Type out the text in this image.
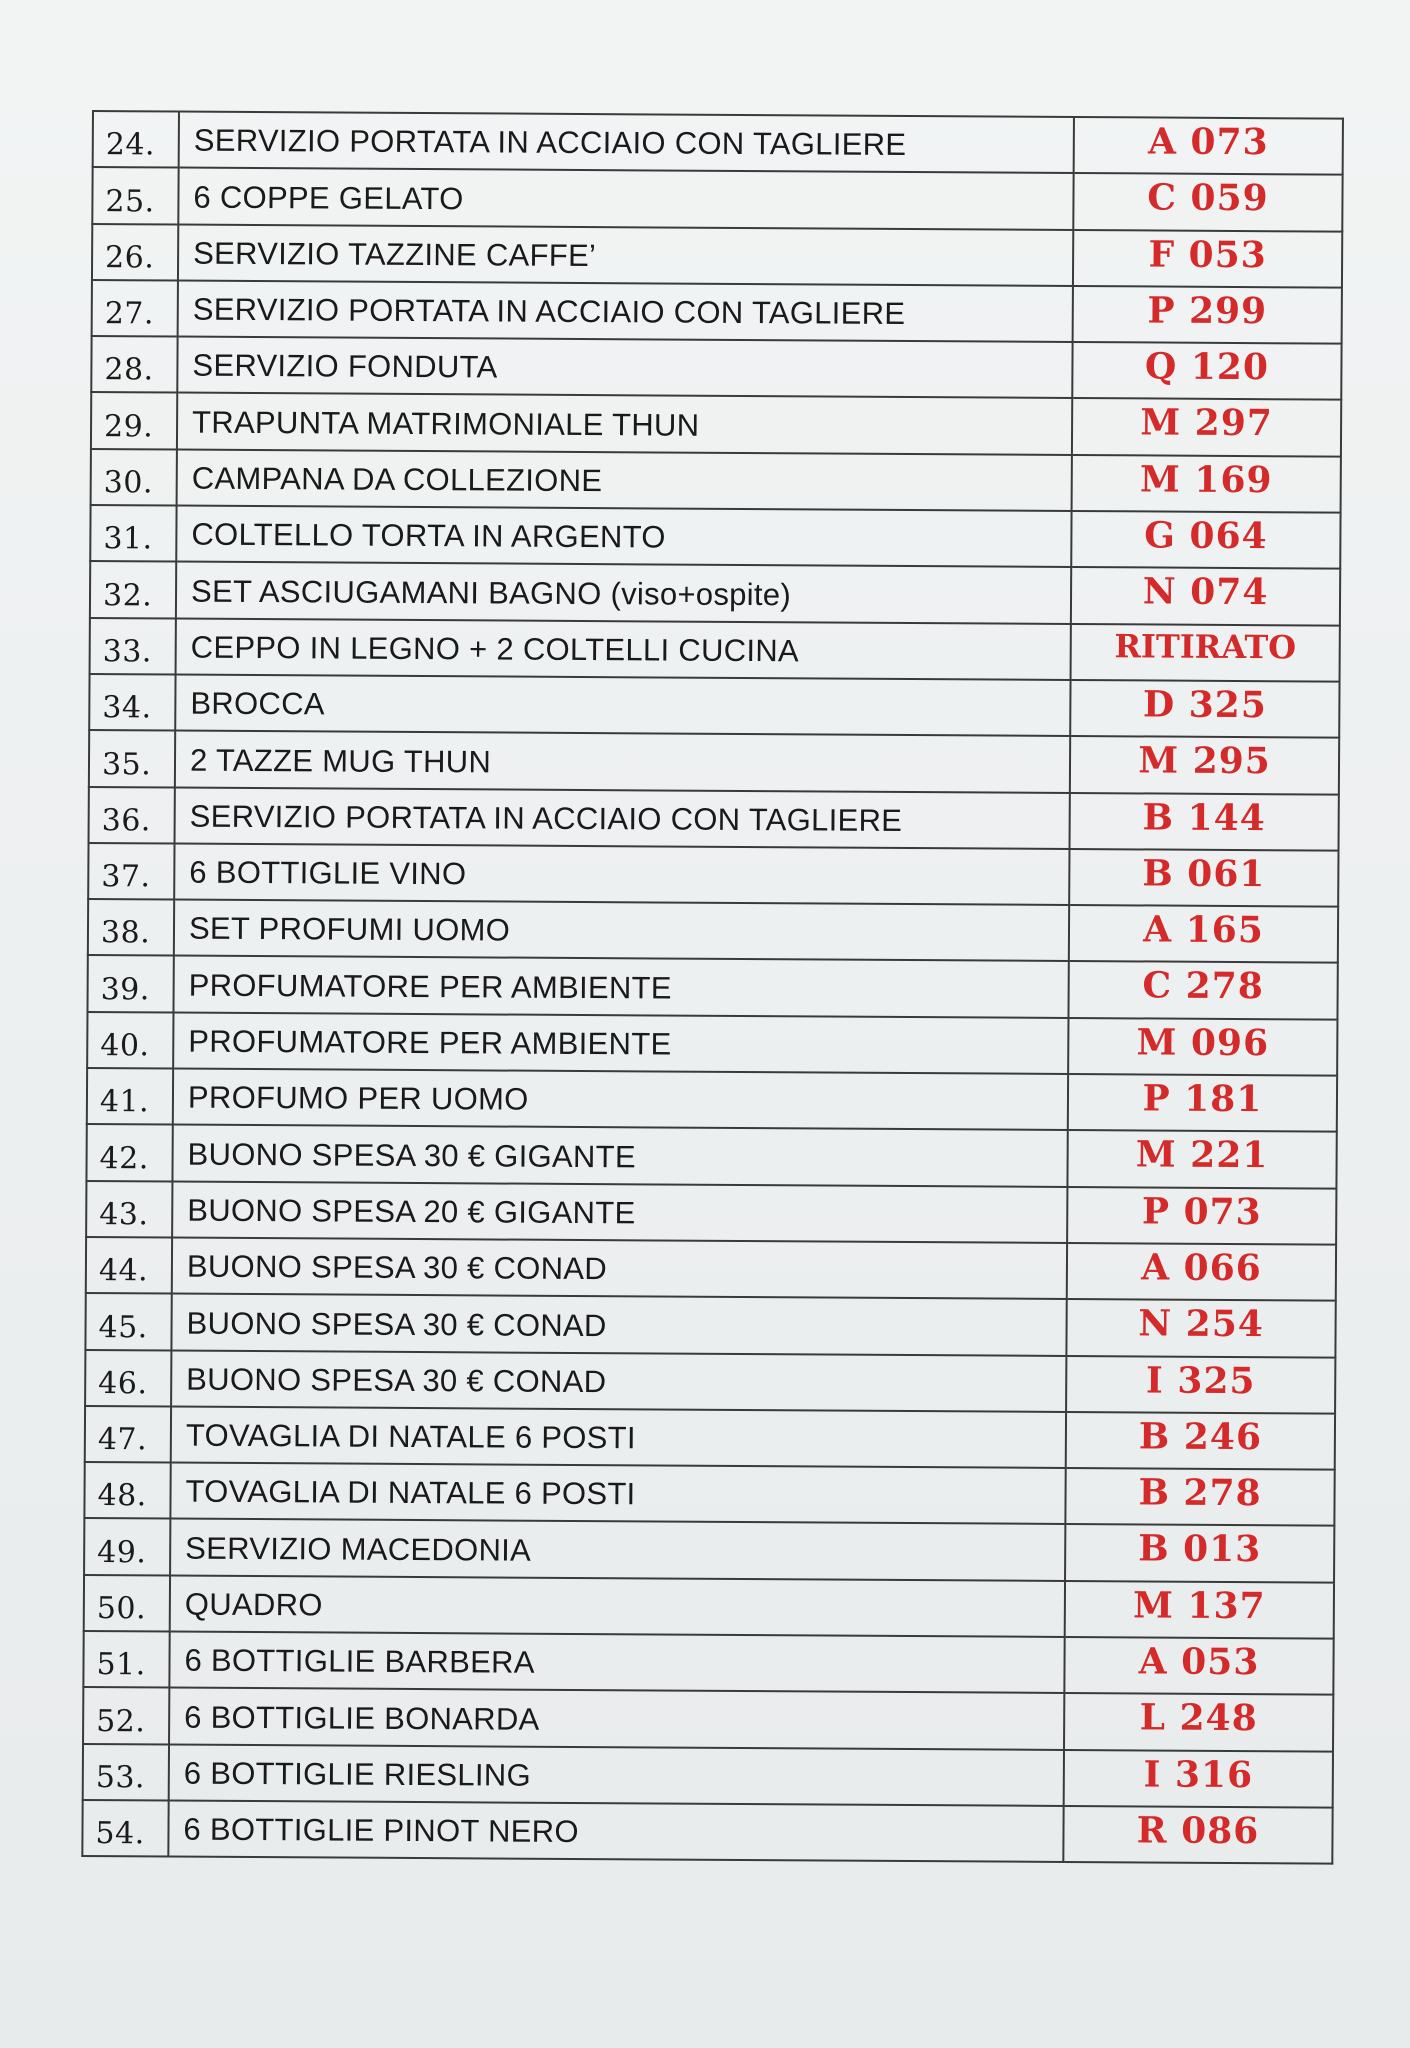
24.	SERVIZIO PORTATA IN ACCIAIO CON TAGLIERE	A 073
25.	6 COPPE GELATO	C 059
26.	SERVIZIO TAZZINE CAFFE’	F 053
27.	SERVIZIO PORTATA IN ACCIAIO CON TAGLIERE	P 299
28.	SERVIZIO FONDUTA	Q 120
29.	TRAPUNTA MATRIMONIALE THUN	M 297
30.	CAMPANA DA COLLEZIONE	M 169
31.	COLTELLO TORTA IN ARGENTO	G 064
32.	SET ASCIUGAMANI BAGNO (viso+ospite)	N 074
33.	CEPPO IN LEGNO + 2 COLTELLI CUCINA	RITIRATO
34.	BROCCA	D 325
35.	2 TAZZE MUG THUN	M 295
36.	SERVIZIO PORTATA IN ACCIAIO CON TAGLIERE	B 144
37.	6 BOTTIGLIE VINO	B 061
38.	SET PROFUMI UOMO	A 165
39.	PROFUMATORE PER AMBIENTE	C 278
40.	PROFUMATORE PER AMBIENTE	M 096
41.	PROFUMO PER UOMO	P 181
42.	BUONO SPESA 30 € GIGANTE	M 221
43.	BUONO SPESA 20 € GIGANTE	P 073
44.	BUONO SPESA 30 € CONAD	A 066
45.	BUONO SPESA 30 € CONAD	N 254
46.	BUONO SPESA 30 € CONAD	I 325
47.	TOVAGLIA DI NATALE 6 POSTI	B 246
48.	TOVAGLIA DI NATALE 6 POSTI	B 278
49.	SERVIZIO MACEDONIA	B 013
50.	QUADRO	M 137
51.	6 BOTTIGLIE BARBERA	A 053
52.	6 BOTTIGLIE BONARDA	L 248
53.	6 BOTTIGLIE RIESLING	I 316
54.	6 BOTTIGLIE PINOT NERO	R 086
